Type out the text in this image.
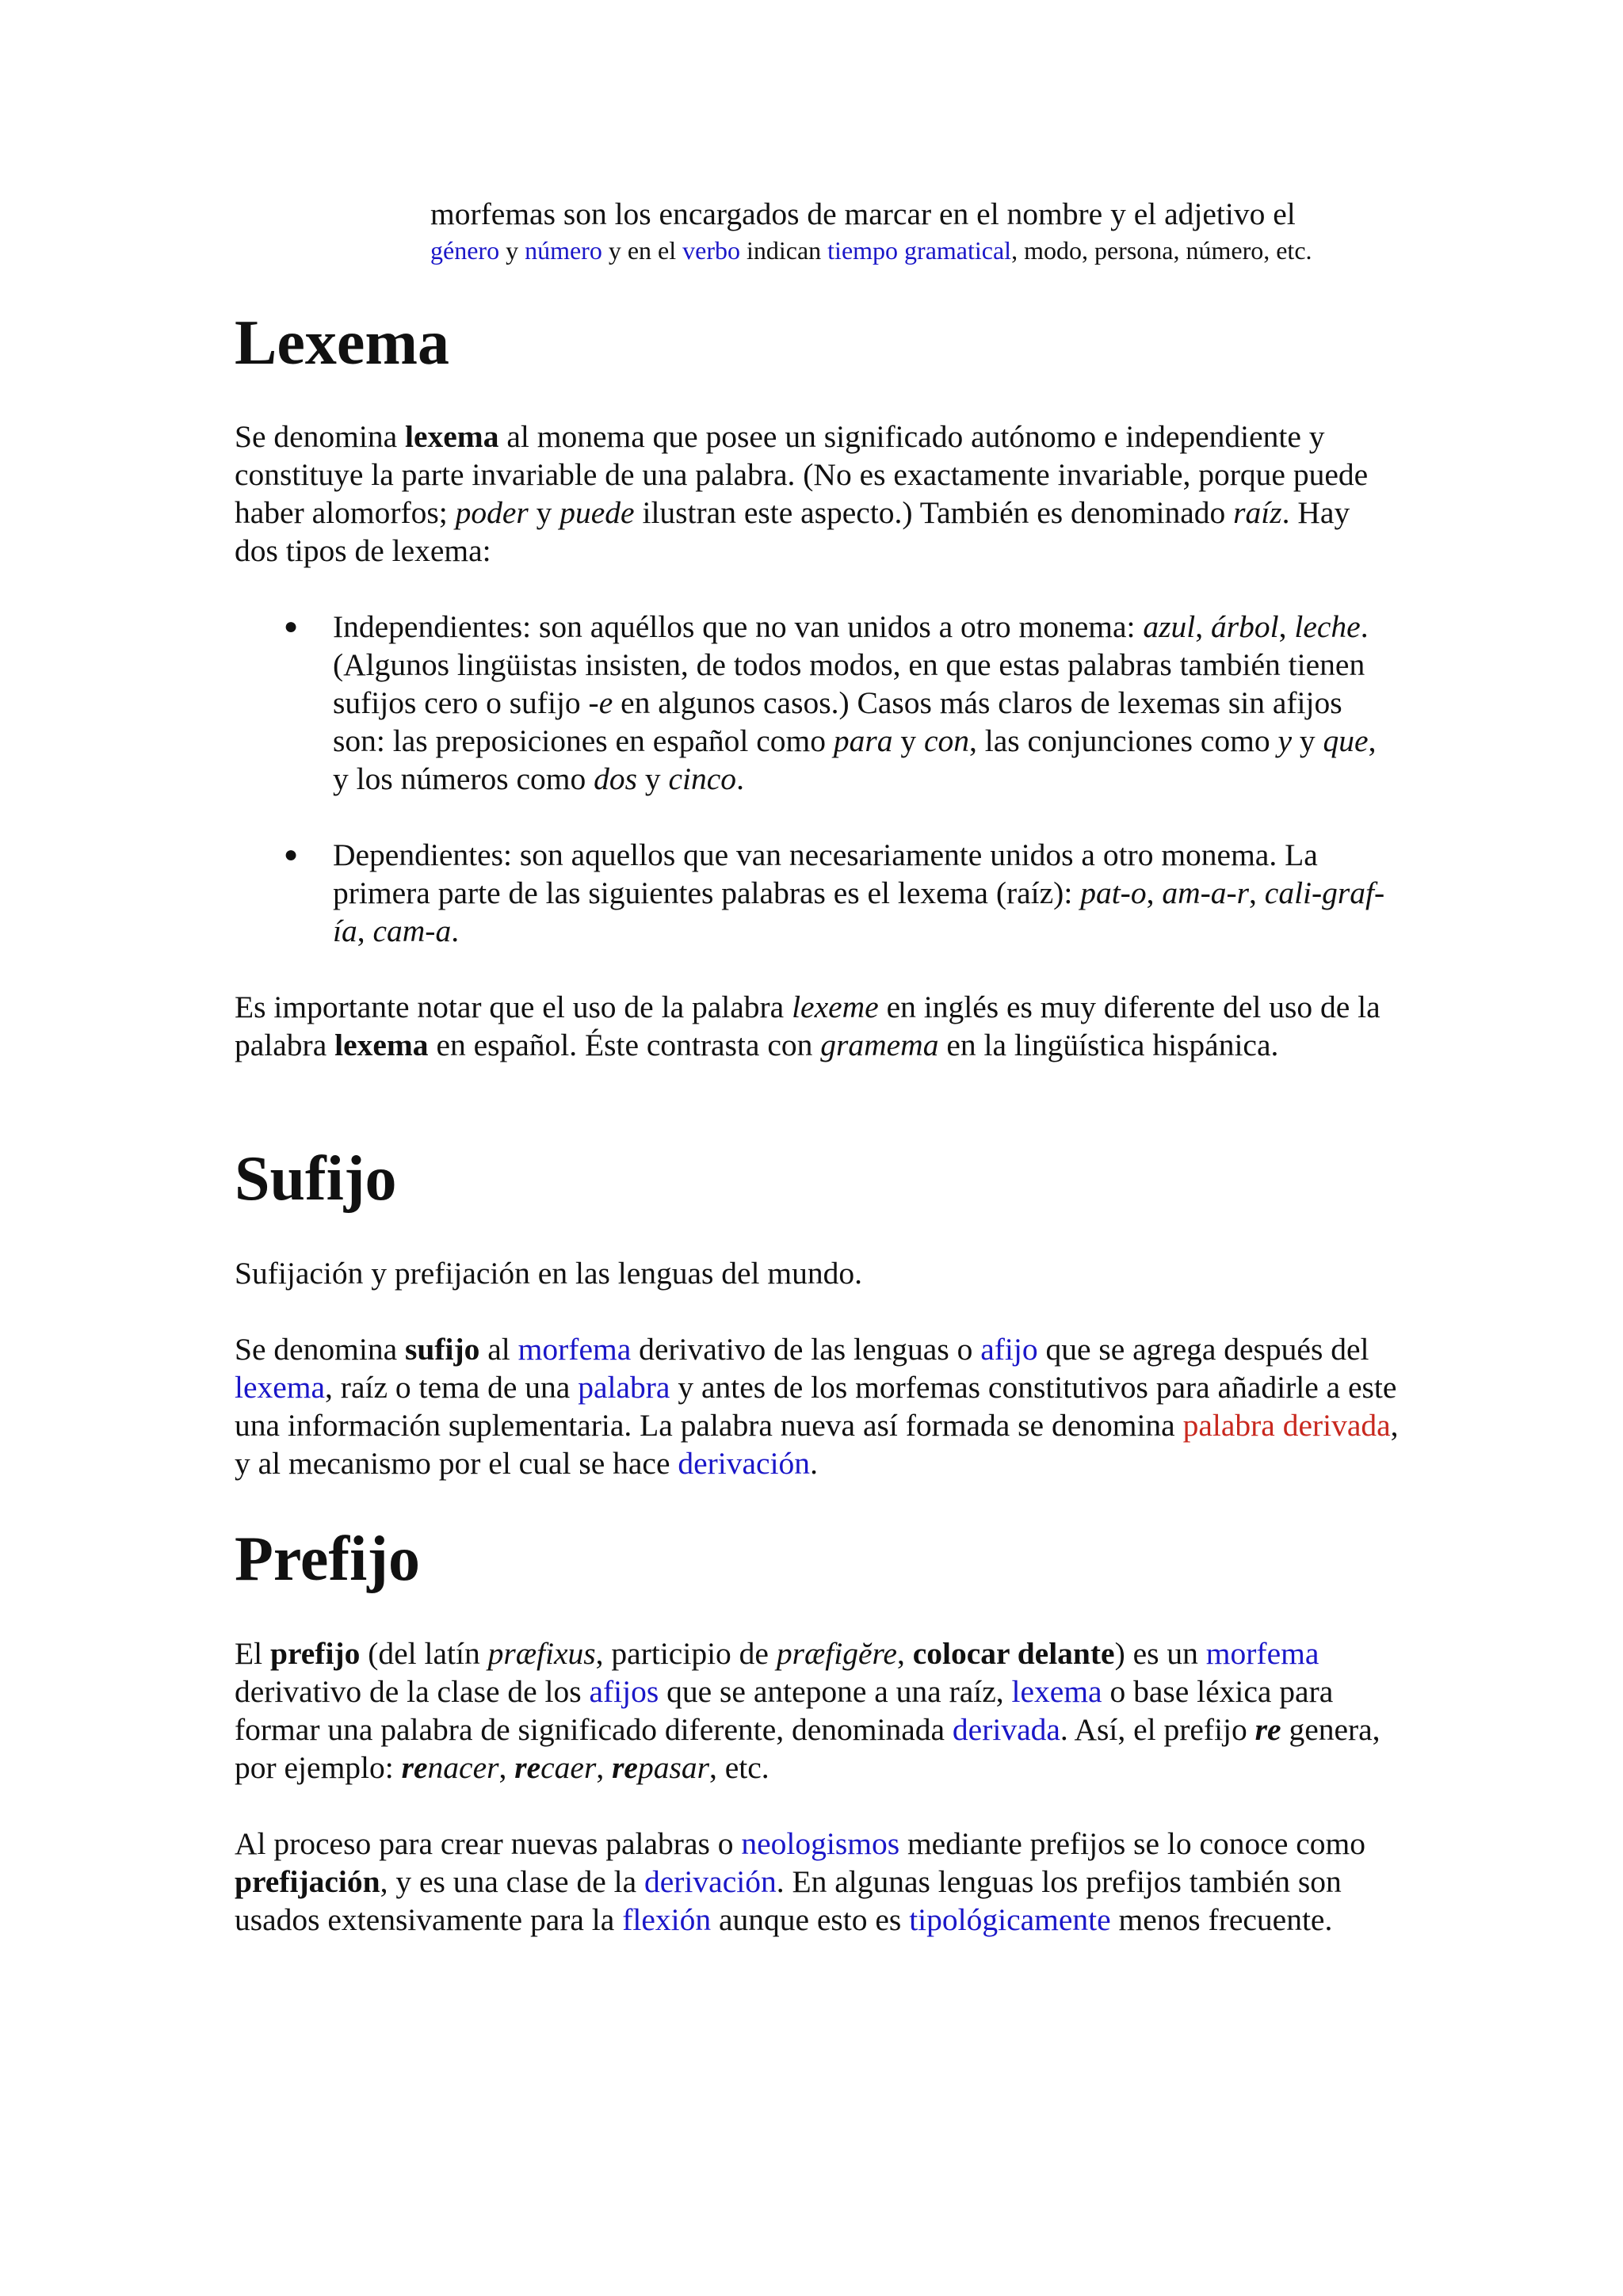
morfemas son los encargados de marcar en el nombre y el adjetivo el

género y número y en el verbo indican tiempo gramatical, modo, persona, número, etc.

Lexema

Se denomina lexema al monema que posee un significado autónomo e independiente y constituye la parte invariable de una palabra. (No es exactamente invariable, porque puede haber alomorfos; poder y puede ilustran este aspecto.) También es denominado raíz. Hay dos tipos de lexema:

● Independientes: son aquéllos que no van unidos a otro monema: azul, árbol, leche. (Algunos lingüistas insisten, de todos modos, en que estas palabras también tienen sufijos cero o sufijo -e en algunos casos.) Casos más claros de lexemas sin afijos son: las preposiciones en español como para y con, las conjunciones como y y que, y los números como dos y cinco.
● Dependientes: son aquellos que van necesariamente unidos a otro monema. La primera parte de las siguientes palabras es el lexema (raíz): pat-o, am-a-r, cali-graf-ía, cam-a.

Es importante notar que el uso de la palabra lexeme en inglés es muy diferente del uso de la palabra lexema en español. Éste contrasta con gramema en la lingüística hispánica.

Sufijo

Sufijación y prefijación en las lenguas del mundo.

Se denomina sufijo al morfema derivativo de las lenguas o afijo que se agrega después del lexema, raíz o tema de una palabra y antes de los morfemas constitutivos para añadirle a este una información suplementaria. La palabra nueva así formada se denomina palabra derivada, y al mecanismo por el cual se hace derivación.

Prefijo

El prefijo (del latín præfixus, participio de præfigĕre, colocar delante) es un morfema derivativo de la clase de los afijos que se antepone a una raíz, lexema o base léxica para formar una palabra de significado diferente, denominada derivada. Así, el prefijo re genera, por ejemplo: renacer, recaer, repasar, etc.

Al proceso para crear nuevas palabras o neologismos mediante prefijos se lo conoce como prefijación, y es una clase de la derivación. En algunas lenguas los prefijos también son usados extensivamente para la flexión aunque esto es tipológicamente menos frecuente.
